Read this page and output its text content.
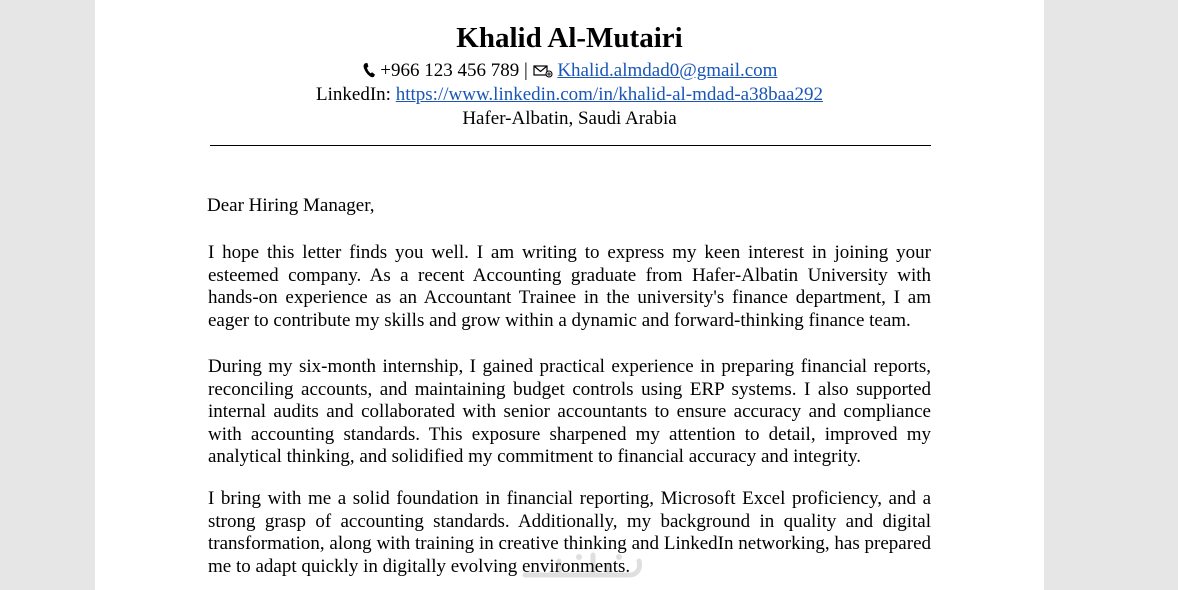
Khalid Al-Mutairi
+966 123 456 789 | Khalid.almdad0@gmail.com
LinkedIn: https://www.linkedin.com/in/khalid-al-mdad-a38baa292
Hafer-Albatin, Saudi Arabia
Dear Hiring Manager,

I hope this letter finds you well. I am writing to express my keen interest in joining your esteemed company. As a recent Accounting graduate from Hafer-Albatin University with hands-on experience as an Accountant Trainee in the university's finance department, I am eager to contribute my skills and grow within a dynamic and forward-thinking finance team.

During my six-month internship, I gained practical experience in preparing financial reports, reconciling accounts, and maintaining budget controls using ERP systems. I also supported internal audits and collaborated with senior accountants to ensure accuracy and compliance with accounting standards. This exposure sharpened my attention to detail, improved my analytical thinking, and solidified my commitment to financial accuracy and integrity.

I bring with me a solid foundation in financial reporting, Microsoft Excel proficiency, and a strong grasp of accounting standards. Additionally, my background in quality and digital transformation, along with training in creative thinking and LinkedIn networking, has prepared me to adapt quickly in digitally evolving environments.
